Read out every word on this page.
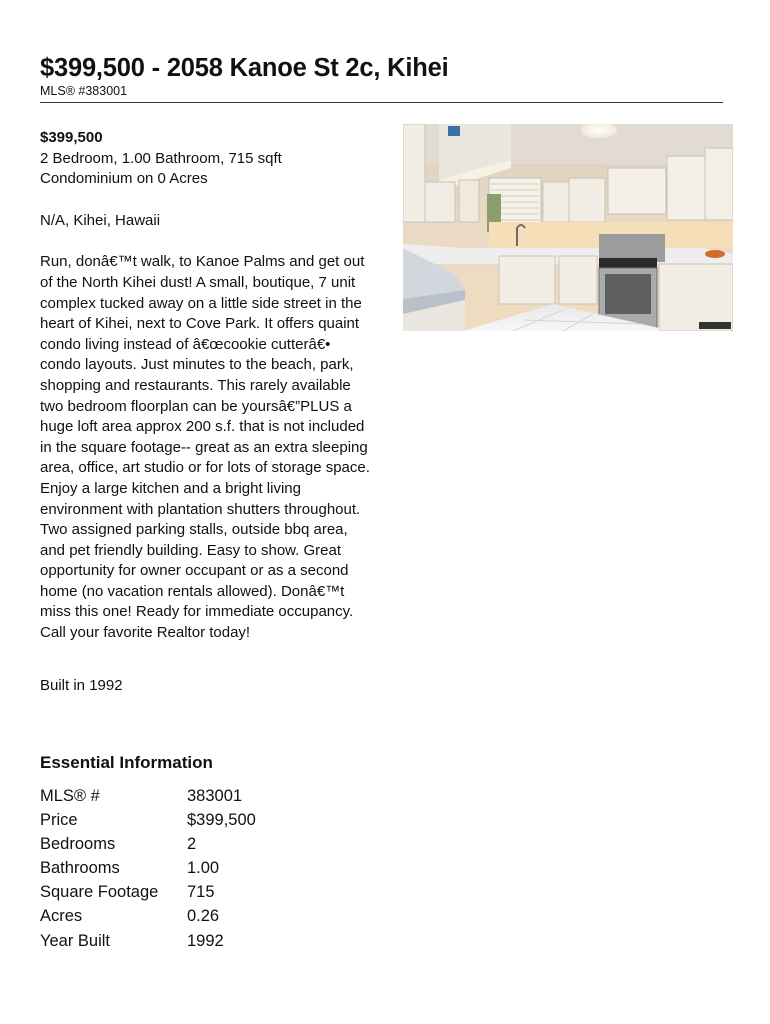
$399,500 - 2058 Kanoe St 2c, Kihei
MLS® #383001
$399,500
2 Bedroom, 1.00 Bathroom, 715 sqft
Condominium on 0 Acres
N/A, Kihei, Hawaii
Run, donâ€™t walk, to Kanoe Palms and get out of the North Kihei dust! A small, boutique, 7 unit complex tucked away on a little side street in the heart of Kihei, next to Cove Park. It offers quaint condo living instead of â€œcookie cutterâ€• condo layouts. Just minutes to the beach, park, shopping and restaurants. This rarely available two bedroom floorplan can be yoursâ€”PLUS a huge loft area approx 200 s.f. that is not included in the square footage-- great as an extra sleeping area, office, art studio or for lots of storage space. Enjoy a large kitchen and a bright living environment with plantation shutters throughout. Two assigned parking stalls, outside bbq area, and pet friendly building. Easy to show. Great opportunity for owner occupant or as a second home (no vacation rentals allowed). Donâ€™t miss this one! Ready for immediate occupancy. Call your favorite Realtor today!
Built in 1992
Essential Information
MLS® #	383001
Price	$399,500
Bedrooms	2
Bathrooms	1.00
Square Footage	715
Acres	0.26
Year Built	1992
